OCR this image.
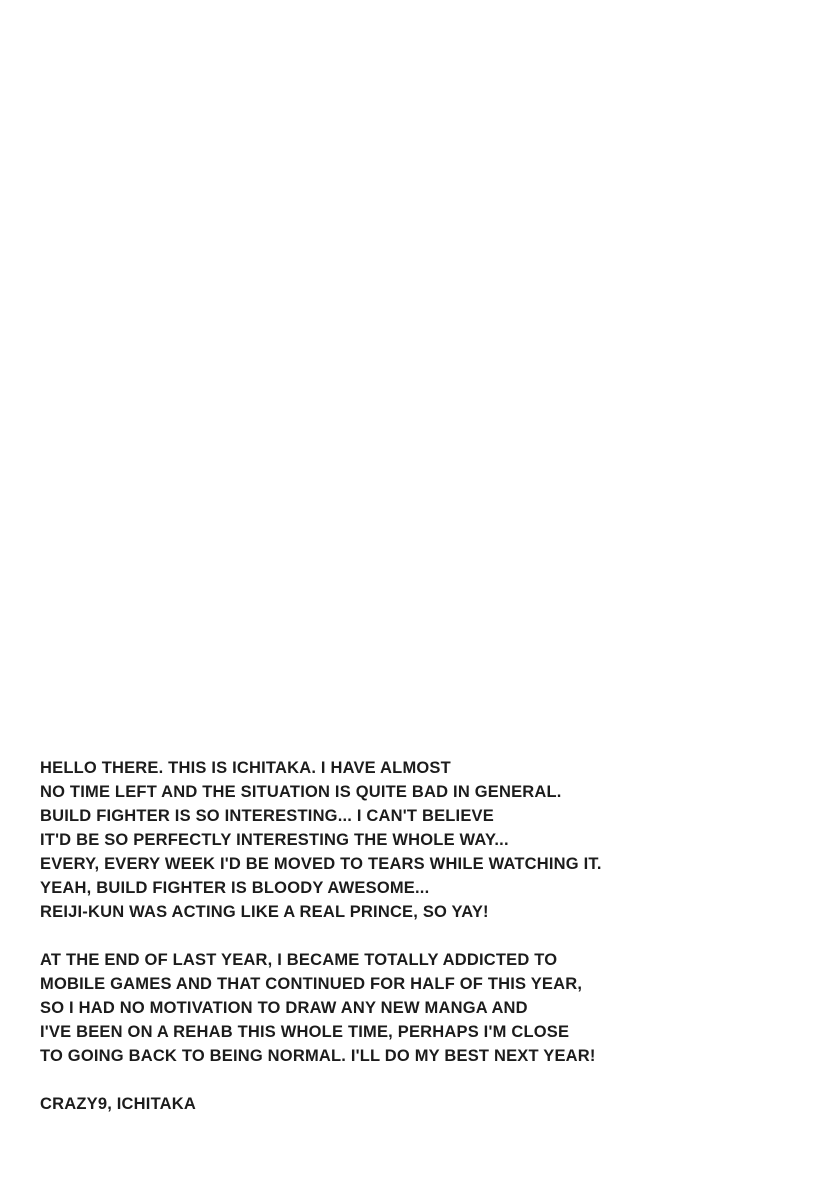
HELLO THERE. THIS IS ICHITAKA. I HAVE ALMOST
NO TIME LEFT AND THE SITUATION IS QUITE BAD IN GENERAL.
BUILD FIGHTER IS SO INTERESTING... I CAN'T BELIEVE
IT'D BE SO PERFECTLY INTERESTING THE WHOLE WAY...
EVERY, EVERY WEEK I'D BE MOVED TO TEARS WHILE WATCHING IT.
YEAH, BUILD FIGHTER IS BLOODY AWESOME...
REIJI-KUN WAS ACTING LIKE A REAL PRINCE, SO YAY!
AT THE END OF LAST YEAR, I BECAME TOTALLY ADDICTED TO
MOBILE GAMES AND THAT CONTINUED FOR HALF OF THIS YEAR,
SO I HAD NO MOTIVATION TO DRAW ANY NEW MANGA AND
I'VE BEEN ON A REHAB THIS WHOLE TIME, PERHAPS I'M CLOSE
TO GOING BACK TO BEING NORMAL. I'LL DO MY BEST NEXT YEAR!
CRAZY9, ICHITAKA
